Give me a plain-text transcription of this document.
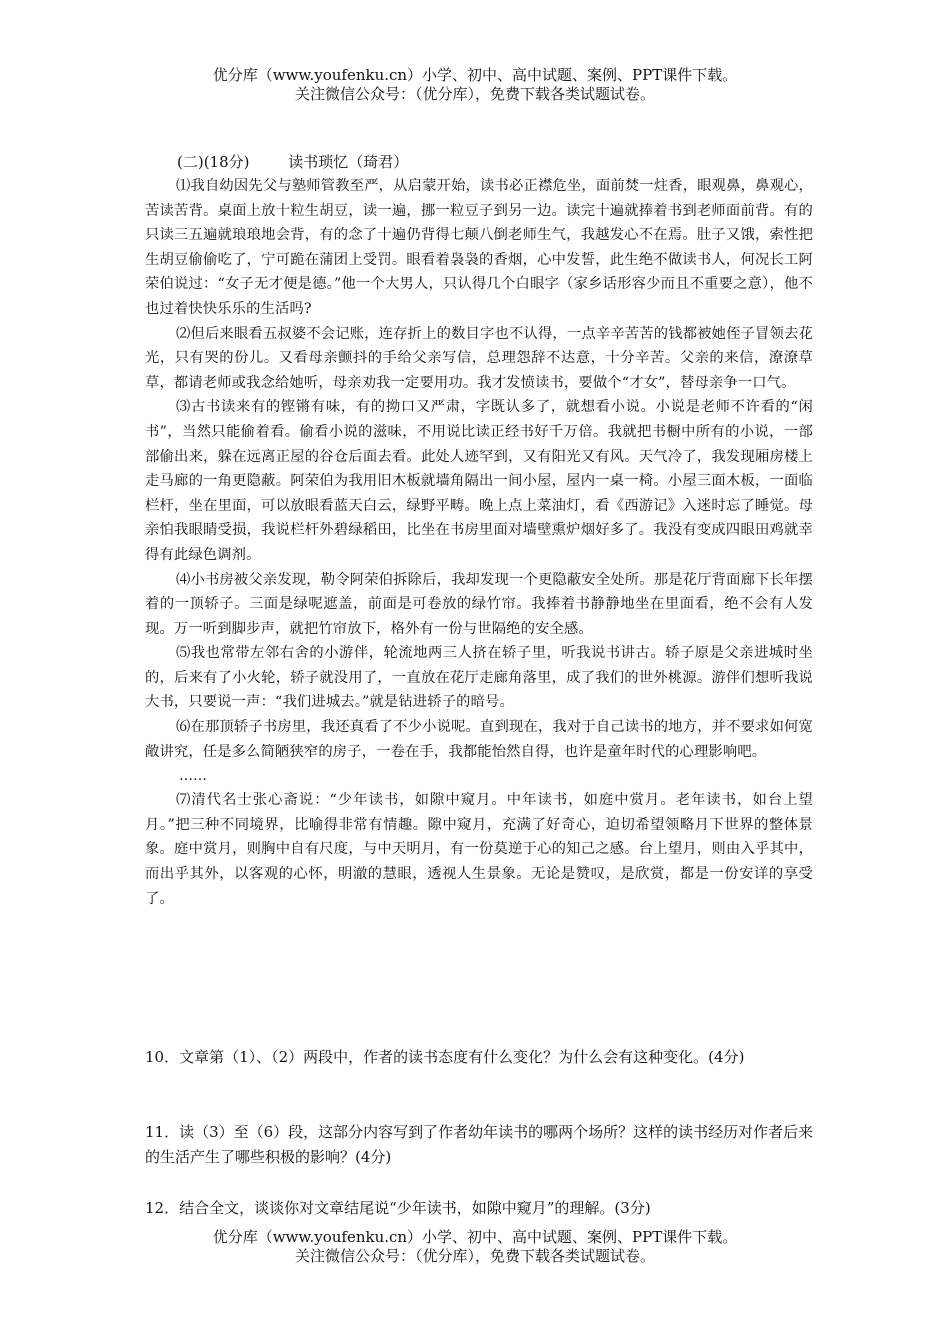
优分库（www.youfenku.cn）小学、初中、高中试题、案例、PPT课件下载。
关注微信公众号：（优分库），免费下载各类试题试卷。
(二)(18分)	读书琐忆（琦君）

⑴我自幼因先父与塾师管教至严，从启蒙开始，读书必正襟危坐，面前焚一炷香，眼观鼻，鼻观心，苦读苦背。桌面上放十粒生胡豆，读一遍，挪一粒豆子到另一边。读完十遍就捧着书到老师面前背。有的只读三五遍就琅琅地会背，有的念了十遍仍背得七颠八倒老师生气，我越发心不在焉。肚子又饿，索性把生胡豆偷偷吃了，宁可跪在蒲团上受罚。眼看着袅袅的香烟，心中发誓，此生绝不做读书人，何况长工阿荣伯说过：“女子无才便是德。”他一个大男人，只认得几个白眼字（家乡话形容少而且不重要之意），他不也过着快快乐乐的生活吗?

⑵但后来眼看五叔婆不会记账，连存折上的数目字也不认得，一点辛辛苦苦的钱都被她侄子冒领去花光，只有哭的份儿。又看母亲颤抖的手给父亲写信，总理怨辞不达意，十分辛苦。父亲的来信，潦潦草草，都请老师或我念给她听，母亲劝我一定要用功。我才发愤读书，要做个“才女”，替母亲争一口气。

⑶古书读来有的铿锵有味，有的拗口又严肃，字既认多了，就想看小说。小说是老师不许看的“闲书”，当然只能偷着看。偷看小说的滋味，不用说比读正经书好千万倍。我就把书橱中所有的小说，一部部偷出来，躲在远离正屋的谷仓后面去看。此处人迹罕到，又有阳光又有风。天气冷了，我发现厢房楼上走马廊的一角更隐蔽。阿荣伯为我用旧木板就墙角隔出一间小屋，屋内一桌一椅。小屋三面木板，一面临栏杆，坐在里面，可以放眼看蓝天白云，绿野平畴。晚上点上菜油灯，看《西游记》入迷时忘了睡觉。母亲怕我眼睛受损，我说栏杆外碧绿稻田，比坐在书房里面对墙壁熏炉烟好多了。我没有变成四眼田鸡就幸得有此绿色调剂。

⑷小书房被父亲发现，勒令阿荣伯拆除后，我却发现一个更隐蔽安全处所。那是花厅背面廊下长年摆着的一顶轿子。三面是绿呢遮盖，前面是可卷放的绿竹帘。我捧着书静静地坐在里面看，绝不会有人发现。万一听到脚步声，就把竹帘放下，格外有一份与世隔绝的安全感。

⑸我也常带左邻右舍的小游伴，轮流地两三人挤在轿子里，听我说书讲古。轿子原是父亲进城时坐的，后来有了小火轮，轿子就没用了，一直放在花厅走廊角落里，成了我们的世外桃源。游伴们想听我说大书，只要说一声：“我们进城去。”就是钻进轿子的暗号。

⑹在那顶轿子书房里，我还真看了不少小说呢。直到现在，我对于自己读书的地方，并不要求如何宽敞讲究，任是多么简陋狭窄的房子，一卷在手，我都能怡然自得，也许是童年时代的心理影响吧。

……

⑺清代名士张心斋说：“少年读书，如隙中窥月。中年读书，如庭中赏月。老年读书，如台上望月。”把三种不同境界，比喻得非常有情趣。隙中窥月，充满了好奇心，迫切希望领略月下世界的整体景象。庭中赏月，则胸中自有尺度，与中天明月，有一份莫逆于心的知己之感。台上望月，则由入乎其中，而出乎其外，以客观的心怀，明澈的慧眼，透视人生景象。无论是赞叹，是欣赏，都是一份安详的享受了。

10．文章第（1）、（2）两段中，作者的读书态度有什么变化？为什么会有这种变化。(4分)

11．读（3）至（6）段，这部分内容写到了作者幼年读书的哪两个场所？这样的读书经历对作者后来的生活产生了哪些积极的影响？(4分)

12．结合全文，谈谈你对文章结尾说“少年读书，如隙中窥月”的理解。(3分)

优分库（www.youfenku.cn）小学、初中、高中试题、案例、PPT课件下载。
关注微信公众号：（优分库），免费下载各类试题试卷。
